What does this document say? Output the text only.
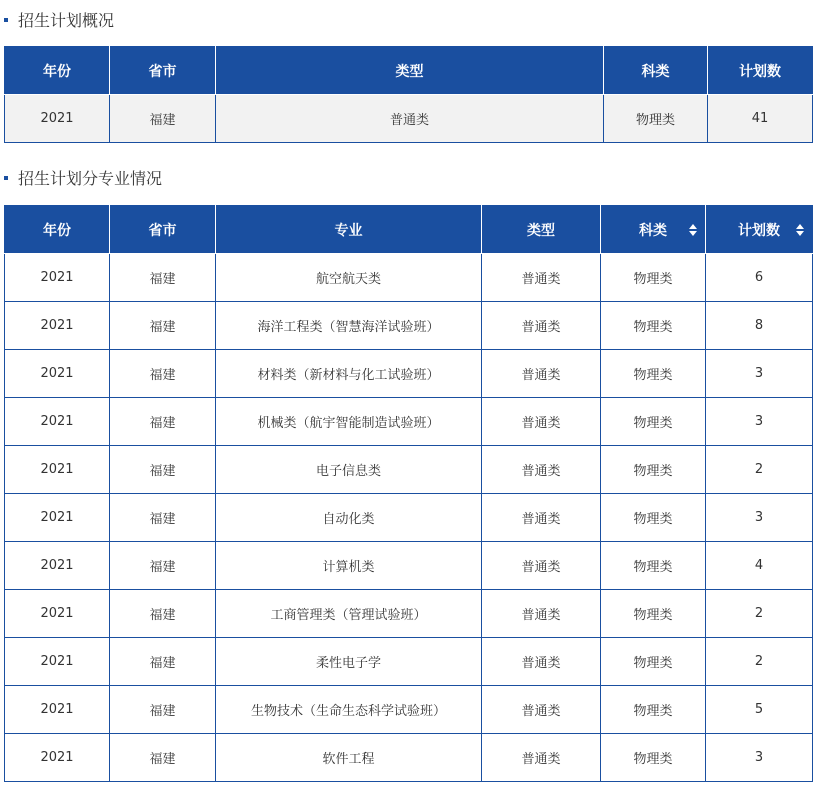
招生计划概况
年份	省市	类型	科类	计划数
2021	福建	普通类	物理类	41
招生计划分专业情况
年份	省市	专业	类型	科类	计划数

2021	福建	航空航天类	普通类	物理类	6
2021	福建	海洋工程类（智慧海洋试验班）	普通类	物理类	8
2021	福建	材料类（新材料与化工试验班）	普通类	物理类	3
2021	福建	机械类（航宇智能制造试验班）	普通类	物理类	3
2021	福建	电子信息类	普通类	物理类	2
2021	福建	自动化类	普通类	物理类	3
2021	福建	计算机类	普通类	物理类	4
2021	福建	工商管理类（管理试验班）	普通类	物理类	2
2021	福建	柔性电子学	普通类	物理类	2
2021	福建	生物技术（生命生态科学试验班）	普通类	物理类	5
2021	福建	软件工程	普通类	物理类	3
